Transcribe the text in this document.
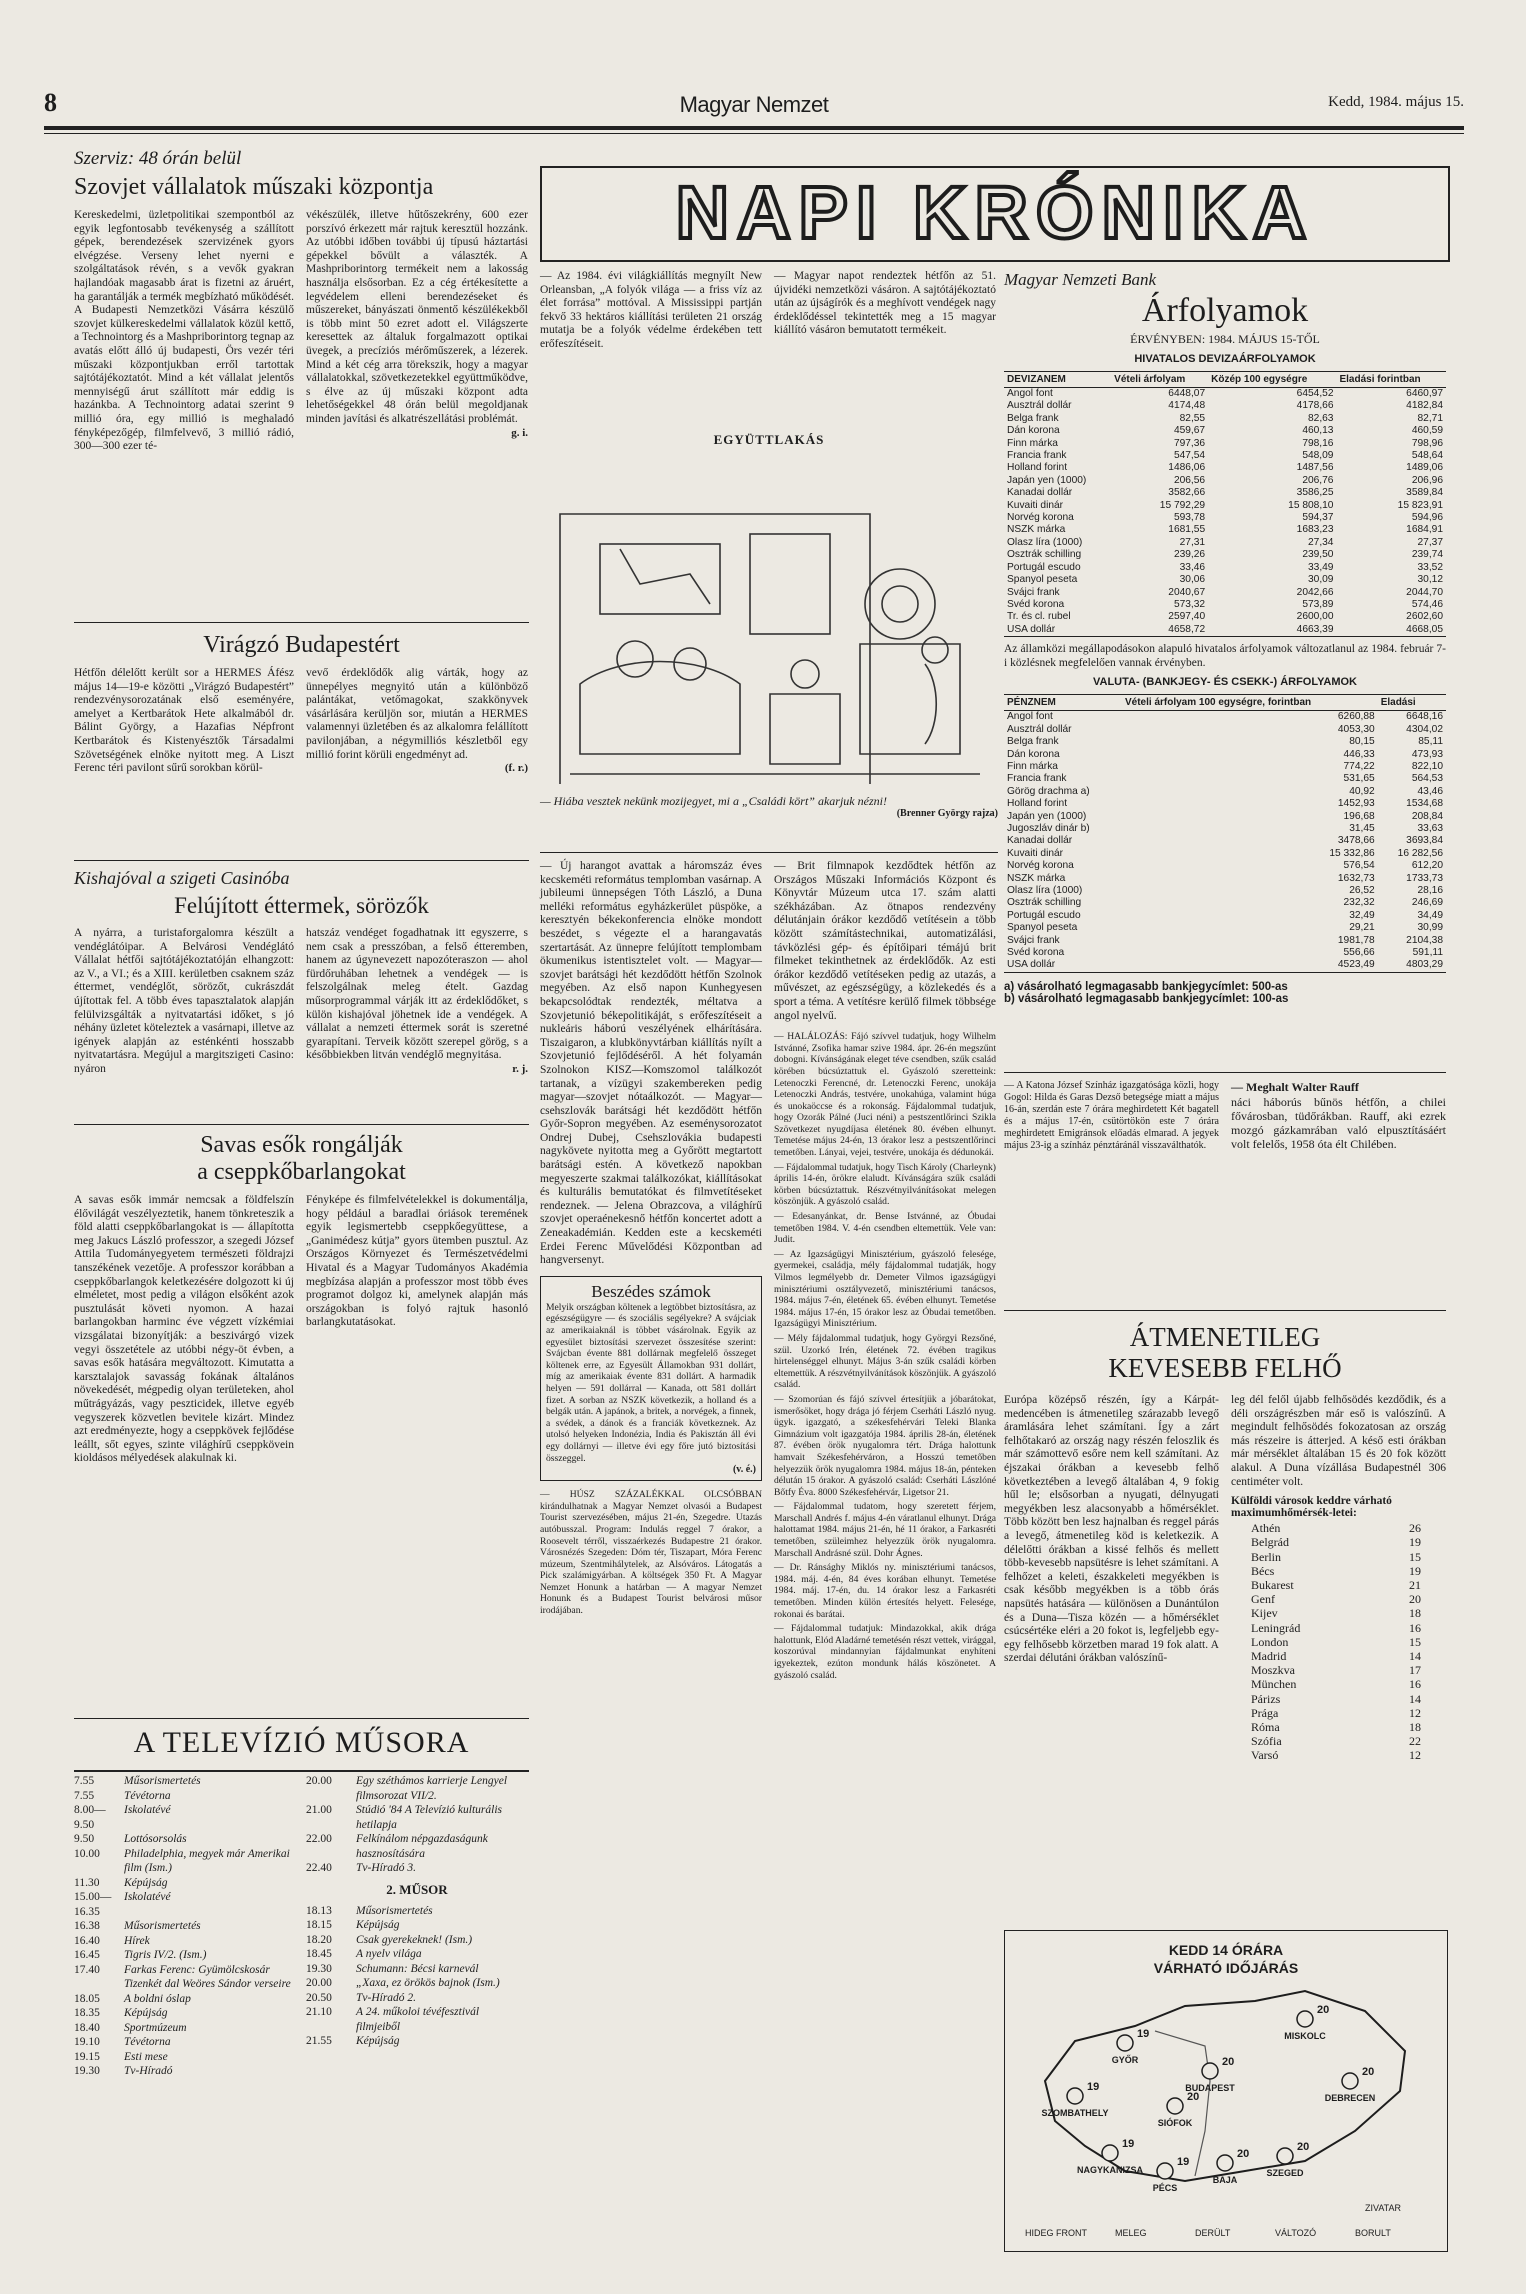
8	Magyar Nemzet	Kedd, 1984. május 15.
Szerviz: 48 órán belül
Szovjet vállalatok műszaki központja

Kereskedelmi, üzletpolitikai szempontból az egyik legfontosabb tevékenység a szállított gépek, berendezések szervizének gyors elvégzése. Verseny lehet nyerni e szolgáltatások révén, s a vevők gyakran hajlandóak magasabb árat is fizetni az áruért, ha garantálják a termék megbízható működését. A Budapesti Nemzetközi Vásárra készülő szovjet külkereskedelmi vállalatok közül kettő, a Technointorg és a Mashpriborintorg tegnap az avatás előtt álló új budapesti, Örs vezér téri műszaki központjukban erről tartottak sajtótájékoztatót. Mind a két vállalat jelentős mennyiségű árut szállított már eddig is hazánkba. A Technointorg adatai szerint 9 millió óra, egy millió is meghaladó fényképezőgép, filmfelvevő, 3 millió rádió, 300—300 ezer té-

vékészülék, illetve hűtőszekrény, 600 ezer porszívó érkezett már rajtuk keresztül hozzánk. Az utóbbi időben további új típusú háztartási gépekkel bővült a választék. A Mashpriborintorg termékeit nem a lakosság használja elsősorban. Ez a cég értékesítette a legvédelem elleni berendezéseket és műszereket, bányászati önmentő készülékekből is több mint 50 ezret adott el. Világszerte keresettek az általuk forgalmazott optikai üvegek, a precíziós mérőműszerek, a lézerek. Mind a két cég arra törekszik, hogy a magyar vállalatokkal, szövetkezetekkel együttműködve, s élve az új műszaki központ adta lehetőségekkel 48 órán belül megoldjanak minden javítási és alkatrészellátási problémát.

g. i.
Virágzó Budapestért

Hétfőn délelőtt került sor a HERMES Áfész május 14—19-e közötti „Virágzó Budapestért” rendezvénysorozatának első eseményére, amelyet a Kertbarátok Hete alkalmából dr. Bálint György, a Hazafias Népfront Kertbarátok és Kistenyésztők Társadalmi Szövetségének elnöke nyitott meg. A Liszt Ferenc téri pavilont sűrű sorokban körül-

vevő érdeklődők alig várták, hogy az ünnepélyes megnyitó után a különböző palántákat, vetőmagokat, szakkönyvek vásárlására kerüljön sor, miután a HERMES valamennyi üzletében és az alkalomra felállított pavilonjában, a négymilliós készletből egy millió forint körüli engedményt ad.

(f. r.)
Kishajóval a szigeti Casinóba
Felújított éttermek, sörözők

A nyárra, a turistaforgalomra készült a vendéglátóipar. A Belvárosi Vendéglátó Vállalat hétfői sajtótájékoztatóján elhangzott: az V., a VI.; és a XIII. kerületben csaknem száz éttermet, vendéglőt, sörözőt, cukrászdát újítottak fel. A több éves tapasztalatok alapján felülvizsgálták a nyitvatartási időket, s jó néhány üzletet köteleztek a vasárnapi, illetve az igények alapján az esténkénti hosszabb nyitvatartásra. Megújul a margitszigeti Casino: nyáron

hatszáz vendéget fogadhatnak itt egyszerre, s nem csak a presszóban, a felső étteremben, hanem az úgynevezett napozóteraszon — ahol fürdőruhában lehetnek a vendégek — is felszolgálnak meleg ételt. Gazdag műsorprogrammal várják itt az érdeklődőket, s külön kishajóval jöhetnek ide a vendégek. A vállalat a nemzeti éttermek sorát is szeretné gyarapítani. Terveik között szerepel görög, s a későbbiekben litván vendéglő megnyitása.

r. j.
Savas esők rongálják
a cseppkőbarlangokat

A savas esők immár nemcsak a földfelszín élővilágát veszélyeztetik, hanem tönkreteszik a föld alatti cseppkőbarlangokat is — állapította meg Jakucs László professzor, a szegedi József Attila Tudományegyetem természeti földrajzi tanszékének vezetője. A professzor korábban a cseppkőbarlangok keletkezésére dolgozott ki új elméletet, most pedig a világon elsőként azok pusztulását követi nyomon. A hazai barlangokban harminc éve végzett vízkémiai vizsgálatai bizonyítják: a beszivárgó vizek vegyi összetétele az utóbbi négy-öt évben, a savas esők hatására megváltozott. Kimutatta a karsztalajok savasság fokának általános növekedését, mégpedig olyan területeken, ahol műtrágyázás, vagy peszticidek, illetve egyéb vegyszerek közvetlen bevitele kizárt. Mindez azt eredményezte, hogy a cseppkövek fejlődése leállt, sőt egyes, szinte világhírű cseppkövein kioldásos mélyedések alakulnak ki.

Fényképe és filmfelvételekkel is dokumentálja, hogy például a baradlai óriások teremének egyik legismertebb cseppkőegyüttese, a „Ganimédesz kútja” gyors ütemben pusztul. Az Országos Környezet és Természetvédelmi Hivatal és a Magyar Tudományos Akadémia megbízása alapján a professzor most több éves programot dolgoz ki, amelynek alapján más országokban is folyó rajtuk hasonló barlangkutatásokat.

A TELEVÍZIÓ MŰSORA
7.55	Műsorismertetés
7.55	Tévétorna
8.00—9.50	Iskolatévé
9.50	Lottósorsolás
10.00	Philadelphia, megyek már Amerikai film (Ism.)
11.30	Képújság
15.00—16.35	Iskolatévé
16.38	Műsorismertetés
16.40	Hírek
16.45	Tigris IV/2. (Ism.)
17.40	Farkas Ferenc: Gyümölcskosár Tizenkét dal Weöres Sándor verseire
18.05	A boldni óslap
18.35	Képújság
18.40	Sportmúzeum
19.10	Tévétorna
19.15	Esti mese
19.30	Tv-Híradó
20.00	Egy széthámos karrierje Lengyel filmsorozat VII/2.
21.00	Stúdió '84 A Televízió kulturális hetilapja
22.00	Felkínálom népgazdaságunk hasznosítására
22.40	Tv-Híradó 3.
2. MŰSOR
18.13	Műsorismertetés
18.15	Képújság
18.20	Csak gyerekeknek! (Ism.)
18.45	A nyelv világa
19.30	Schumann: Bécsi karnevál
20.00	„Xaxa, ez örökös bajnok (Ism.)
20.50	Tv-Híradó 2.
21.10	A 24. műkoloi tévéfesztivál filmjeiből
21.55	Képújság
NAPI KRÓNIKA

— Az 1984. évi világkiállítás megnyílt New Orleansban, „A folyók világa — a friss víz az élet forrása” mottóval. A Mississippi partján fekvő 33 hektáros kiállítási területen 21 ország mutatja be a folyók védelme érdekében tett erőfeszítéseit.

— Magyar napot rendeztek hétfőn az 51. újvidéki nemzetközi vásáron. A sajtótájékoztató után az újságírók és a meghívott vendégek nagy érdeklődéssel tekintették meg a 15 magyar kiállító vásáron bemutatott termékeit.

EGYÜTTLAKÁS
— Hiába vesztek nekünk mozijegyet, mi a „Családi kört” akarjuk nézni!
(Brenner György rajza)

— Új harangot avattak a háromszáz éves kecskeméti református templomban vasárnap. A jubileumi ünnepségen Tóth László, a Duna melléki református egyházkerület püspöke, a keresztyén békekonferencia elnöke mondott beszédet, s végezte el a harangavatás szertartását. Az ünnepre felújított templombam ökumenikus istentisztelet volt. — Magyar—szovjet barátsági hét kezdődött hétfőn Szolnok megyében. Az első napon Kunhegyesen bekapcsolódtak rendezték, méltatva a Szovjetunió békepolitikáját, s erőfeszítéseit a nukleáris háború veszélyének elhárítására. Tiszaigaron, a klubkönyvtárban kiállítás nyílt a Szovjetunió fejlődéséről. A hét folyamán Szolnokon KISZ—Komszomol találkozót tartanak, a vízügyi szakembereken pedig magyar—szovjet nótaálkozót. — Magyar—csehszlovák barátsági hét kezdődött hétfőn Győr-Sopron megyében. Az eseménysorozatot Ondrej Dubej, Csehszlovákia budapesti nagykövete nyitotta meg a Győrött megtartott barátsági estén. A következő napokban megyeszerte szakmai találkozókat, kiállításokat és kulturális bemutatókat és filmvetítéseket rendeznek. — Jelena Obrazcova, a világhírű szovjet operaénekesnő hétfőn koncertet adott a Zeneakadémián. Kedden este a kecskeméti Erdei Ferenc Művelődési Központban ad hangversenyt.

Beszédes számok

Melyik országban költenek a legtöbbet biztosításra, az egészségügyre — és szociális segélyekre? A svájciak az amerikaiaknál is többet vásárolnak. Egyik az egyesület biztosítási szervezet összesítése szerint: Svájcban évente 881 dollárnak megfelelő összeget költenek erre, az Egyesült Államokban 931 dollárt, míg az amerikaiak évente 831 dollárt. A harmadik helyen — 591 dollárral — Kanada, ott 581 dollárt fizet. A sorban az NSZK következik, a holland és a belgák után. A japánok, a britek, a norvégek, a finnek, a svédek, a dánok és a franciák következnek. Az utolsó helyeken Indonézia, India és Pakisztán áll évi egy dollárnyi — illetve évi egy főre jutó biztosítási összeggel.

(v. é.)

— HÚSZ SZÁZALÉKKAL OLCSÓBBAN kirándulhatnak a Magyar Nemzet olvasói a Budapest Tourist szervezésében, május 21-én, Szegedre. Utazás autóbusszal. Program: Indulás reggel 7 órakor, a Roosevelt térről, visszaérkezés Budapestre 21 órakor. Városnézés Szegeden: Dóm tér, Tiszapart, Móra Ferenc múzeum, Szentmihálytelek, az Alsóváros. Látogatás a Pick szalámigyárban. A költségek 350 Ft. A Magyar Nemzet Honunk a határban — A magyar Nemzet Honunk és a Budapest Tourist belvárosi műsor irodájában.

— Brit filmnapok kezdődtek hétfőn az Országos Műszaki Információs Központ és Könyvtár Múzeum utca 17. szám alatti székházában. Az ötnapos rendezvény délutánjain órákor kezdődő vetítésein a több között számítástechnikai, automatizálási, távközlési gép- és építőipari témájú brit filmeket tekinthetnek az érdeklődők. Az esti órákor kezdődő vetítéseken pedig az utazás, a művészet, az egészségügy, a közlekedés és a sport a téma. A vetítésre kerülő filmek többsége angol nyelvű.

— HALÁLOZÁS: Fájó szívvel tudatjuk, hogy Wilhelm Istvánné, Zsofika hamar szive 1984. ápr. 26-én megszűnt dobogni. Kívánságának eleget téve csendben, szűk család körében búcsúztattuk el. Gyászoló szeretteink: Letenoczki Ferencné, dr. Letenoczki Ferenc, unokája Letenoczki András, testvére, unokahúga, valamint húga és unokaöccse és a rokonság. Fájdalommal tudatjuk, hogy Ozorák Pálné (Juci néni) a pestszentlőrinci Szikla Szövetkezet nyugdíjasa életének 80. évében elhunyt. Temetése május 24-én, 13 órakor lesz a pestszentlőrinci temetőben. Lányai, vejei, testvére, unokája és dédunokái.

— Fájdalommal tudatjuk, hogy Tisch Károly (Charleynk) április 14-én, örökre elaludt. Kívánságára szűk családi körben búcsúztattuk. Részvétnyilvánításokat melegen köszönjük. A gyászoló család.

— Edesanyánkat, dr. Bense Istvánné, az Óbudai temetőben 1984. V. 4-én csendben eltemettük. Vele van: Judit.

— Az Igazságügyi Minisztérium, gyászoló felesége, gyermekei, családja, mély fájdalommal tudatják, hogy Vilmos legmélyebb dr. Demeter Vilmos igazságügyi minisztériumi osztályvezető, minisztériumi tanácsos, 1984. május 7-én, életének 65. évében elhunyt. Temetése 1984. május 17-én, 15 órakor lesz az Óbudai temetőben. Igazságügyi Minisztérium.

— Mély fájdalommal tudatjuk, hogy Györgyi Rezsőné, szül. Uzorkó Irén, életének 72. évében tragikus hirtelenséggel elhunyt. Május 3-án szűk családi körben eltemettük. A részvétnyilvánítások köszönjük. A gyászoló család.

— Szomorúan és fájó szívvel értesítjük a jóbarátokat, ismerősöket, hogy drága jó férjem Cserháti László nyug. ügyk. igazgató, a székesfehérvári Teleki Blanka Gimnázium volt igazgatója 1984. április 28-án, életének 87. évében örök nyugalomra tért. Drága halottunk hamvait Székesfehérváron, a Hosszú temetőben helyezzük örök nyugalomra 1984. május 18-án, pénteken délután 15 órakor. A gyászoló család: Cserháti Lászlóné Bőtfy Éva. 8000 Székesfehérvár, Ligetsor 21.

— Fájdalommal tudatom, hogy szeretett férjem, Marschall Andrés f. május 4-én váratlanul elhunyt. Drága halottamat 1984. május 21-én, hé 11 órakor, a Farkasréti temetőben, szüleimhez helyezzük örök nyugalomra. Marschall Andrásné szül. Dohr Ágnes.

— Dr. Ránsághy Miklós ny. minisztériumi tanácsos, 1984. máj. 4-én, 84 éves korában elhunyt. Temetése 1984. máj. 17-én, du. 14 órakor lesz a Farkasréti temetőben. Minden külön értesítés helyett. Felesége, rokonai és barátai.

— Fájdalommal tudatjuk: Mindazokkal, akik drága halottunk, Elód Aladárné temetésén részt vettek, virággal, koszorúval mindannyian fájdalmunkat enyhíteni igyekeztek, ezúton mondunk hálás köszönetet. A gyászoló család.

Magyar Nemzeti Bank
Árfolyamok
ÉRVÉNYBEN: 1984. MÁJUS 15-TŐL
HIVATALOS DEVIZAÁRFOLYAMOK
DEVIZANEM	Vételi árfolyam	Közép 100 egységre	Eladási forintban
Angol font	6448,07	6454,52	6460,97
Ausztrál dollár	4174,48	4178,66	4182,84
Belga frank	82,55	82,63	82,71
Dán korona	459,67	460,13	460,59
Finn márka	797,36	798,16	798,96
Francia frank	547,54	548,09	548,64
Holland forint	1486,06	1487,56	1489,06
Japán yen (1000)	206,56	206,76	206,96
Kanadai dollár	3582,66	3586,25	3589,84
Kuvaiti dinár	15 792,29	15 808,10	15 823,91
Norvég korona	593,78	594,37	594,96
NSZK márka	1681,55	1683,23	1684,91
Olasz líra (1000)	27,31	27,34	27,37
Osztrák schilling	239,26	239,50	239,74
Portugál escudo	33,46	33,49	33,52
Spanyol peseta	30,06	30,09	30,12
Svájci frank	2040,67	2042,66	2044,70
Svéd korona	573,32	573,89	574,46
Tr. és cl. rubel	2597,40	2600,00	2602,60
USA dollár	4658,72	4663,39	4668,05

Az államközi megállapodásokon alapuló hivatalos árfolyamok változatlanul az 1984. február 7-i közlésnek megfelelően vannak érvényben.

VALUTA- (BANKJEGY- ÉS CSEKK-) ÁRFOLYAMOK
PÉNZNEM	Vételi árfolyam 100 egységre, forintban	Eladási
Angol font	6260,88	6648,16
Ausztrál dollár	4053,30	4304,02
Belga frank	80,15	85,11
Dán korona	446,33	473,93
Finn márka	774,22	822,10
Francia frank	531,65	564,53
Görög drachma a)	40,92	43,46
Holland forint	1452,93	1534,68
Japán yen (1000)	196,68	208,84
Jugoszláv dinár b)	31,45	33,63
Kanadai dollár	3478,66	3693,84
Kuvaiti dinár	15 332,86	16 282,56
Norvég korona	576,54	612,20
NSZK márka	1632,73	1733,73
Olasz líra (1000)	26,52	28,16
Osztrák schilling	232,32	246,69
Portugál escudo	32,49	34,49
Spanyol peseta	29,21	30,99
Svájci frank	1981,78	2104,38
Svéd korona	556,66	591,11
USA dollár	4523,49	4803,29
a) vásárolható legmagasabb bankjegycímlet: 500-as
b) vásárolható legmagasabb bankjegycímlet: 100-as

— A Katona József Színház igazgatósága közli, hogy Gogol: Hilda és Garas Dezső betegsége miatt a május 16-án, szerdán este 7 órára meghirdetett Két bagatell és a május 17-én, csütörtökön este 7 órára meghirdetett Emigránsok előadás elmarad. A jegyek május 23-ig a színház pénztáránál visszaválthatók.

— Meghalt Walter Rauff

náci háborús bűnös hétfőn, a chilei fővárosban, tüdőrákban. Rauff, aki ezrek mozgó gázkamrában való elpusztításáért volt felelős, 1958 óta élt Chilében.

ÁTMENETILEG
KEVESEBB FELHŐ

Európa középső részén, így a Kárpát-medencében is átmenetileg szárazabb levegő áramlására lehet számítani. Így a zárt felhőtakaró az ország nagy részén feloszlik és már számottevő esőre nem kell számítani. Az éjszakai órákban a kevesebb felhő következtében a levegő általában 4, 9 fokig hűl le; elsősorban a nyugati, délnyugati megyékben lesz alacsonyabb a hőmérséklet. Több között ben lesz hajnalban és reggel párás a levegő, átmenetileg köd is keletkezik. A délelőtti órákban a kissé felhős és mellett több-kevesebb napsütésre is lehet számítani. A felhőzet a keleti, északkeleti megyékben is csak később megyékben is a több órás napsütés hatására — különösen a Dunántúlon és a Duna—Tisza közén — a hőmérséklet csúcsértéke eléri a 20 fokot is, legfeljebb egy-egy felhősebb körzetben marad 19 fok alatt. A szerdai délutáni órákban valószínű-

leg dél felől újabb felhősödés kezdődik, és a déli országrészben már eső is valószínű. A megindult felhősödés fokozatosan az ország más részeire is átterjed. A késő esti órákban már mérséklet általában 15 és 20 fok között alakul. A Duna vízállása Budapestnél 306 centiméter volt.

Külföldi városok keddre várható maximumhőmérsék-letei:
Athén	26
Belgrád	19
Berlin	15
Bécs	19
Bukarest	21
Genf	20
Kijev	18
Leningrád	16
London	15
Madrid	14
Moszkva	17
München	16
Párizs	14
Prága	12
Róma	18
Szófia	22
Varsó	12
KEDD 14 ÓRÁRA
VÁRHATÓ IDŐJÁRÁS
GYŐR
19	MISKOLC
20
DEBRECEN
20
BUDAPEST
20
SZOMBATHELY
19
SIÓFOK
20
NAGYKANIZSA
19
SZEGED
20
PÉCS
19
BAJA
20
HIDEG FRONT	MELEG	DERÜLT	VÁLTOZÓ	BORULT
ZIVATAR
